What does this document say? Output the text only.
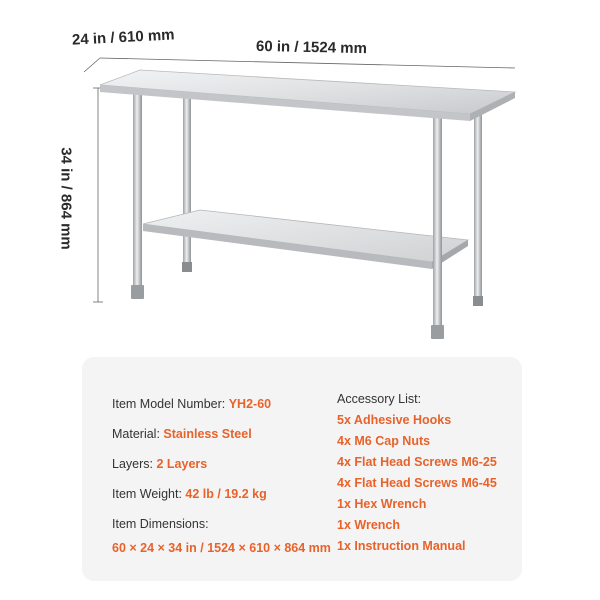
60 in / 1524 mm
24 in / 610 mm
34 in / 864 mm
Item Model Number: YH2-60
Material: Stainless Steel
Layers: 2 Layers
Item Weight: 42 lb / 19.2 kg
Item Dimensions:
60 × 24 × 34 in / 1524 × 610 × 864 mm
Accessory List:
5x Adhesive Hooks
4x M6 Cap Nuts
4x Flat Head Screws M6-25
4x Flat Head Screws M6-45
1x Hex Wrench
1x Wrench
1x Instruction Manual
